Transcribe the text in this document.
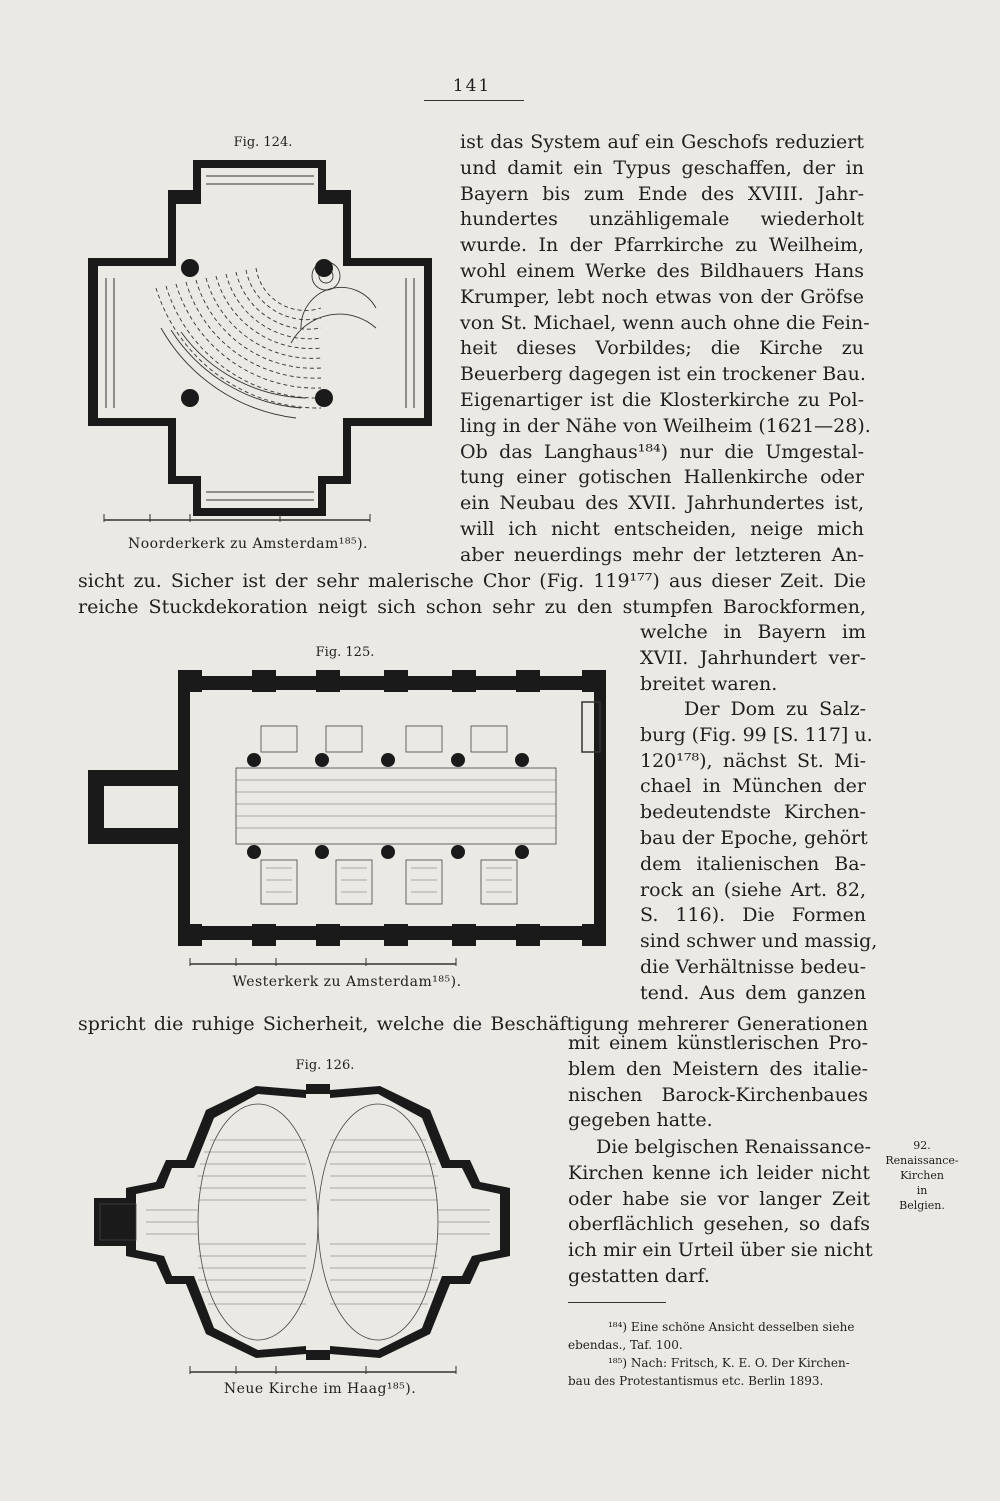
141
Fig. 124.
Noorderkerk zu Amsterdam¹⁸⁵).
ist das System auf ein Geschofs reduziert
und damit ein Typus geschaffen, der in
Bayern bis zum Ende des XVIII. Jahr-
hundertes unzähligemale wiederholt
wurde. In der Pfarrkirche zu Weilheim,
wohl einem Werke des Bildhauers Hans
Krumper, lebt noch etwas von der Gröfse
von St. Michael, wenn auch ohne die Fein-
heit dieses Vorbildes; die Kirche zu
Beuerberg dagegen ist ein trockener Bau.
Eigenartiger ist die Klosterkirche zu Pol-
ling in der Nähe von Weilheim (1621—28).
Ob das Langhaus¹⁸⁴) nur die Umgestal-
tung einer gotischen Hallenkirche oder
ein Neubau des XVII. Jahrhundertes ist,
will ich nicht entscheiden, neige mich
aber neuerdings mehr der letzteren An-
sicht zu. Sicher ist der sehr malerische Chor (Fig. 119¹⁷⁷) aus dieser Zeit. Die
reiche Stuckdekoration neigt sich schon sehr zu den stumpfen Barockformen,
Fig. 125.
Westerkerk zu Amsterdam¹⁸⁵).
welche in Bayern im
XVII. Jahrhundert ver-
breitet waren.
Der Dom zu Salz-
burg (Fig. 99 [S. 117] u.
120¹⁷⁸), nächst St. Mi-
chael in München der
bedeutendste Kirchen-
bau der Epoche, gehört
dem italienischen Ba-
rock an (siehe Art. 82,
S. 116). Die Formen
sind schwer und massig,
die Verhältnisse bedeu-
tend. Aus dem ganzen
spricht die ruhige Sicherheit, welche die Beschäftigung mehrerer Generationen
mit einem künstlerischen Pro-
blem den Meistern des italie-
nischen Barock-Kirchenbaues
gegeben hatte.
Die belgischen Renaissance-
Kirchen kenne ich leider nicht
oder habe sie vor langer Zeit
oberflächlich gesehen, so dafs
ich mir ein Urteil über sie nicht
gestatten darf.
92.
Renaissance-
Kirchen
in
Belgien.
Fig. 126.
Neue Kirche im Haag¹⁸⁵).
¹⁸⁴) Eine schöne Ansicht desselben siehe
ebendas., Taf. 100.
¹⁸⁵) Nach: Fritsch, K. E. O. Der Kirchen-
bau des Protestantismus etc. Berlin 1893.
